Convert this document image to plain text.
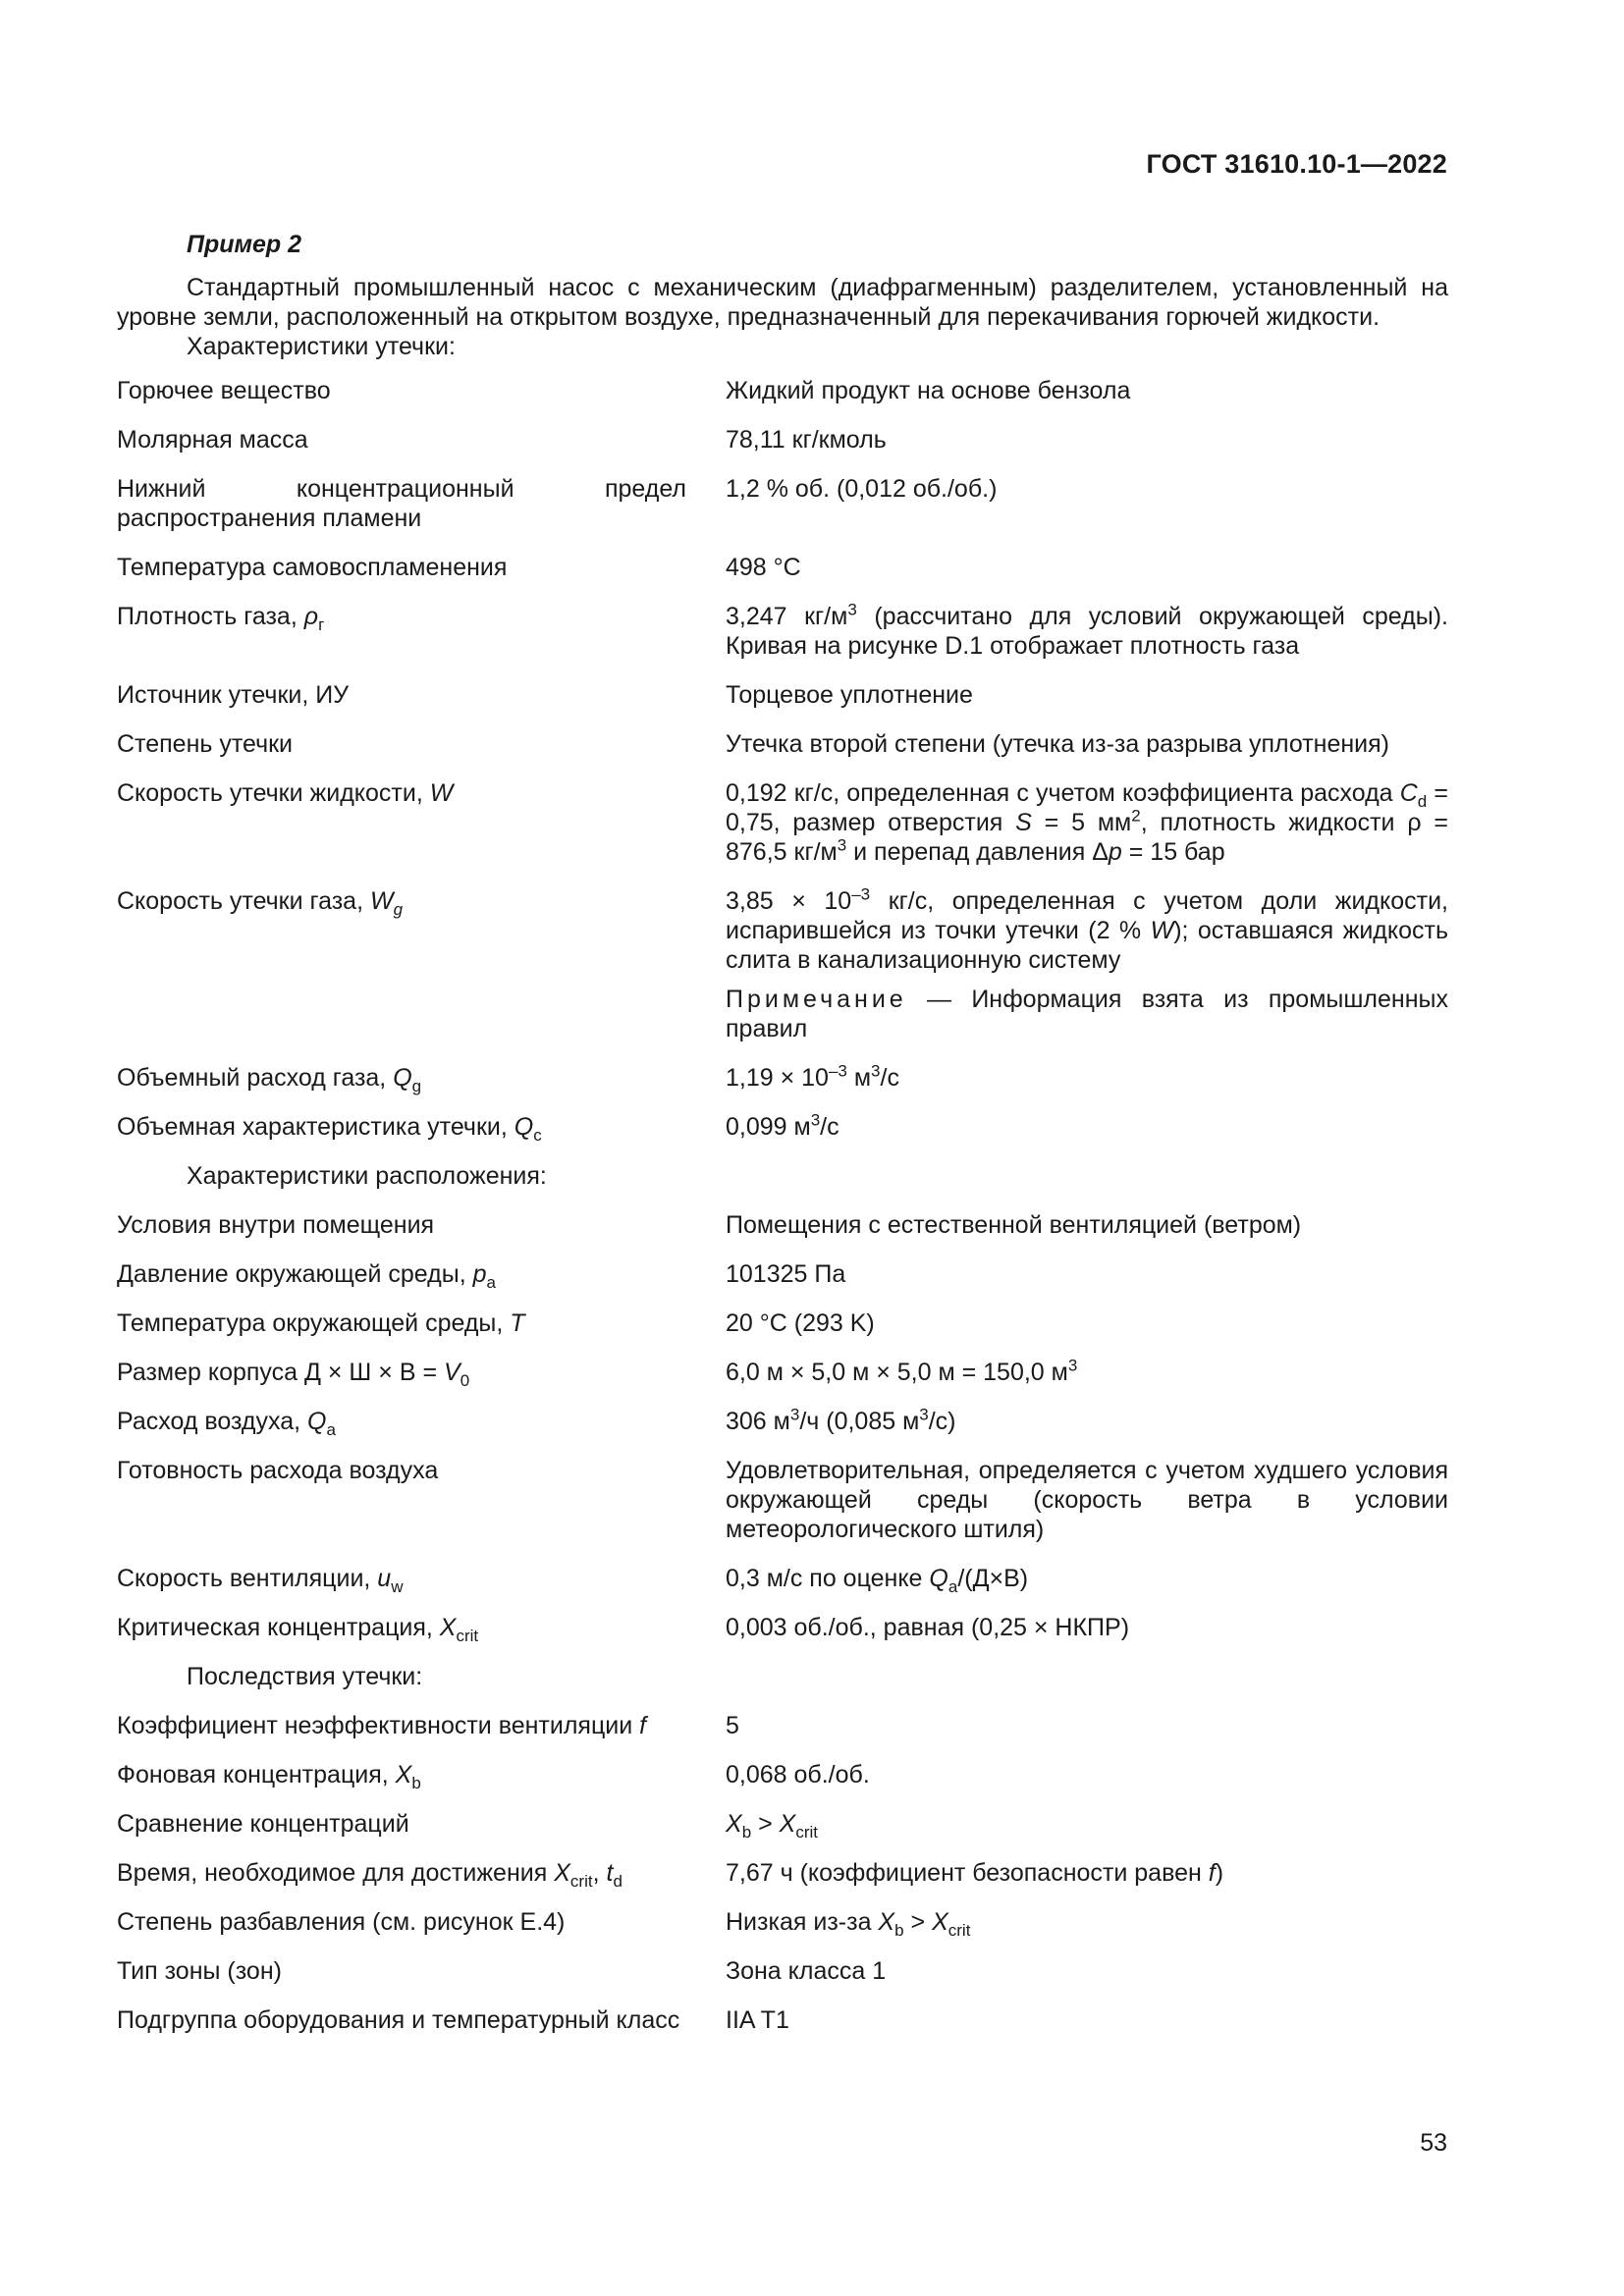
ГОСТ 31610.10-1—2022
Пример 2

Стандартный промышленный насос с механическим (диафрагменным) разделителем, установленный на уровне земли, расположенный на открытом воздухе, предназначенный для перекачивания горючей жидкости.

Характеристики утечки:

Горючее вещество	Жидкий продукт на основе бензола
Молярная масса	78,11 кг/кмоль
Нижний концентрационный предел распространения пламени	1,2 % об. (0,012 об./об.)
Температура самовоспламенения	498 °C
Плотность газа, $\rho_г$	3,247 $кг/м^3$ (рассчитано для условий окружающей среды). Кривая на рисунке D.1 отображает плотность газа
Источник утечки, ИУ	Торцевое уплотнение
Степень утечки	Утечка второй степени (утечка из-за разрыва уплотнения)
Скорость утечки жидкости, W	0,192 кг/с, определенная с учетом коэффициента расхода $C_d = 0,75$, размер отверстия S = 5 $мм^2$, плотность жидкости ρ = 876,5 $кг/м^3$ и перепад давления Δp = 15 бар
Скорость утечки газа, $W_g$	$3,85 \times 10^{-3}$ кг/с, определенная с учетом доли жидкости, испарившейся из точки утечки (2 % W); оставшаяся жидкость слита в канализационную систему
Примечание — Информация взята из промышленных правил

Объемный расход газа, $Q_g$	$1,19 \times 10^{-3}$ $м^3/с$
Объемная характеристика утечки, $Q_c$	0,099 $м^3/с$
Характеристики расположения:	
Условия внутри помещения	Помещения с естественной вентиляцией (ветром)
Давление окружающей среды, $p_a$	101325 Па
Температура окружающей среды, T	20 °C (293 K)
Размер корпуса $Д \times Ш \times В = V_0$	6,0 м × 5,0 м × 5,0 м = 150,0 $м^3$
Расход воздуха, $Q_a$	306 $м^3/ч$ (0,085 $м^3/с$)
Готовность расхода воздуха	Удовлетворительная, определяется с учетом худшего условия окружающей среды (скорость ветра в условии метеорологического штиля)
Скорость вентиляции, $u_w$	0,3 м/с по оценке $Q_a/(Д\times В)$
Критическая концентрация, $X_{crit}$	0,003 об./об., равная (0,25 × НКПР)
Последствия утечки:	
Коэффициент неэффективности вентиляции f	5
Фоновая концентрация, $X_b$	0,068 об./об.
Сравнение концентраций	$X_b > X_{crit}$
Время, необходимое для достижения $X_{crit}$, $t_d$	7,67 ч (коэффициент безопасности равен f)
Степень разбавления (см. рисунок E.4)	Низкая из-за $X_b > X_{crit}$
Тип зоны (зон)	Зона класса 1
Подгруппа оборудования и температурный класс	IIA T1
53
